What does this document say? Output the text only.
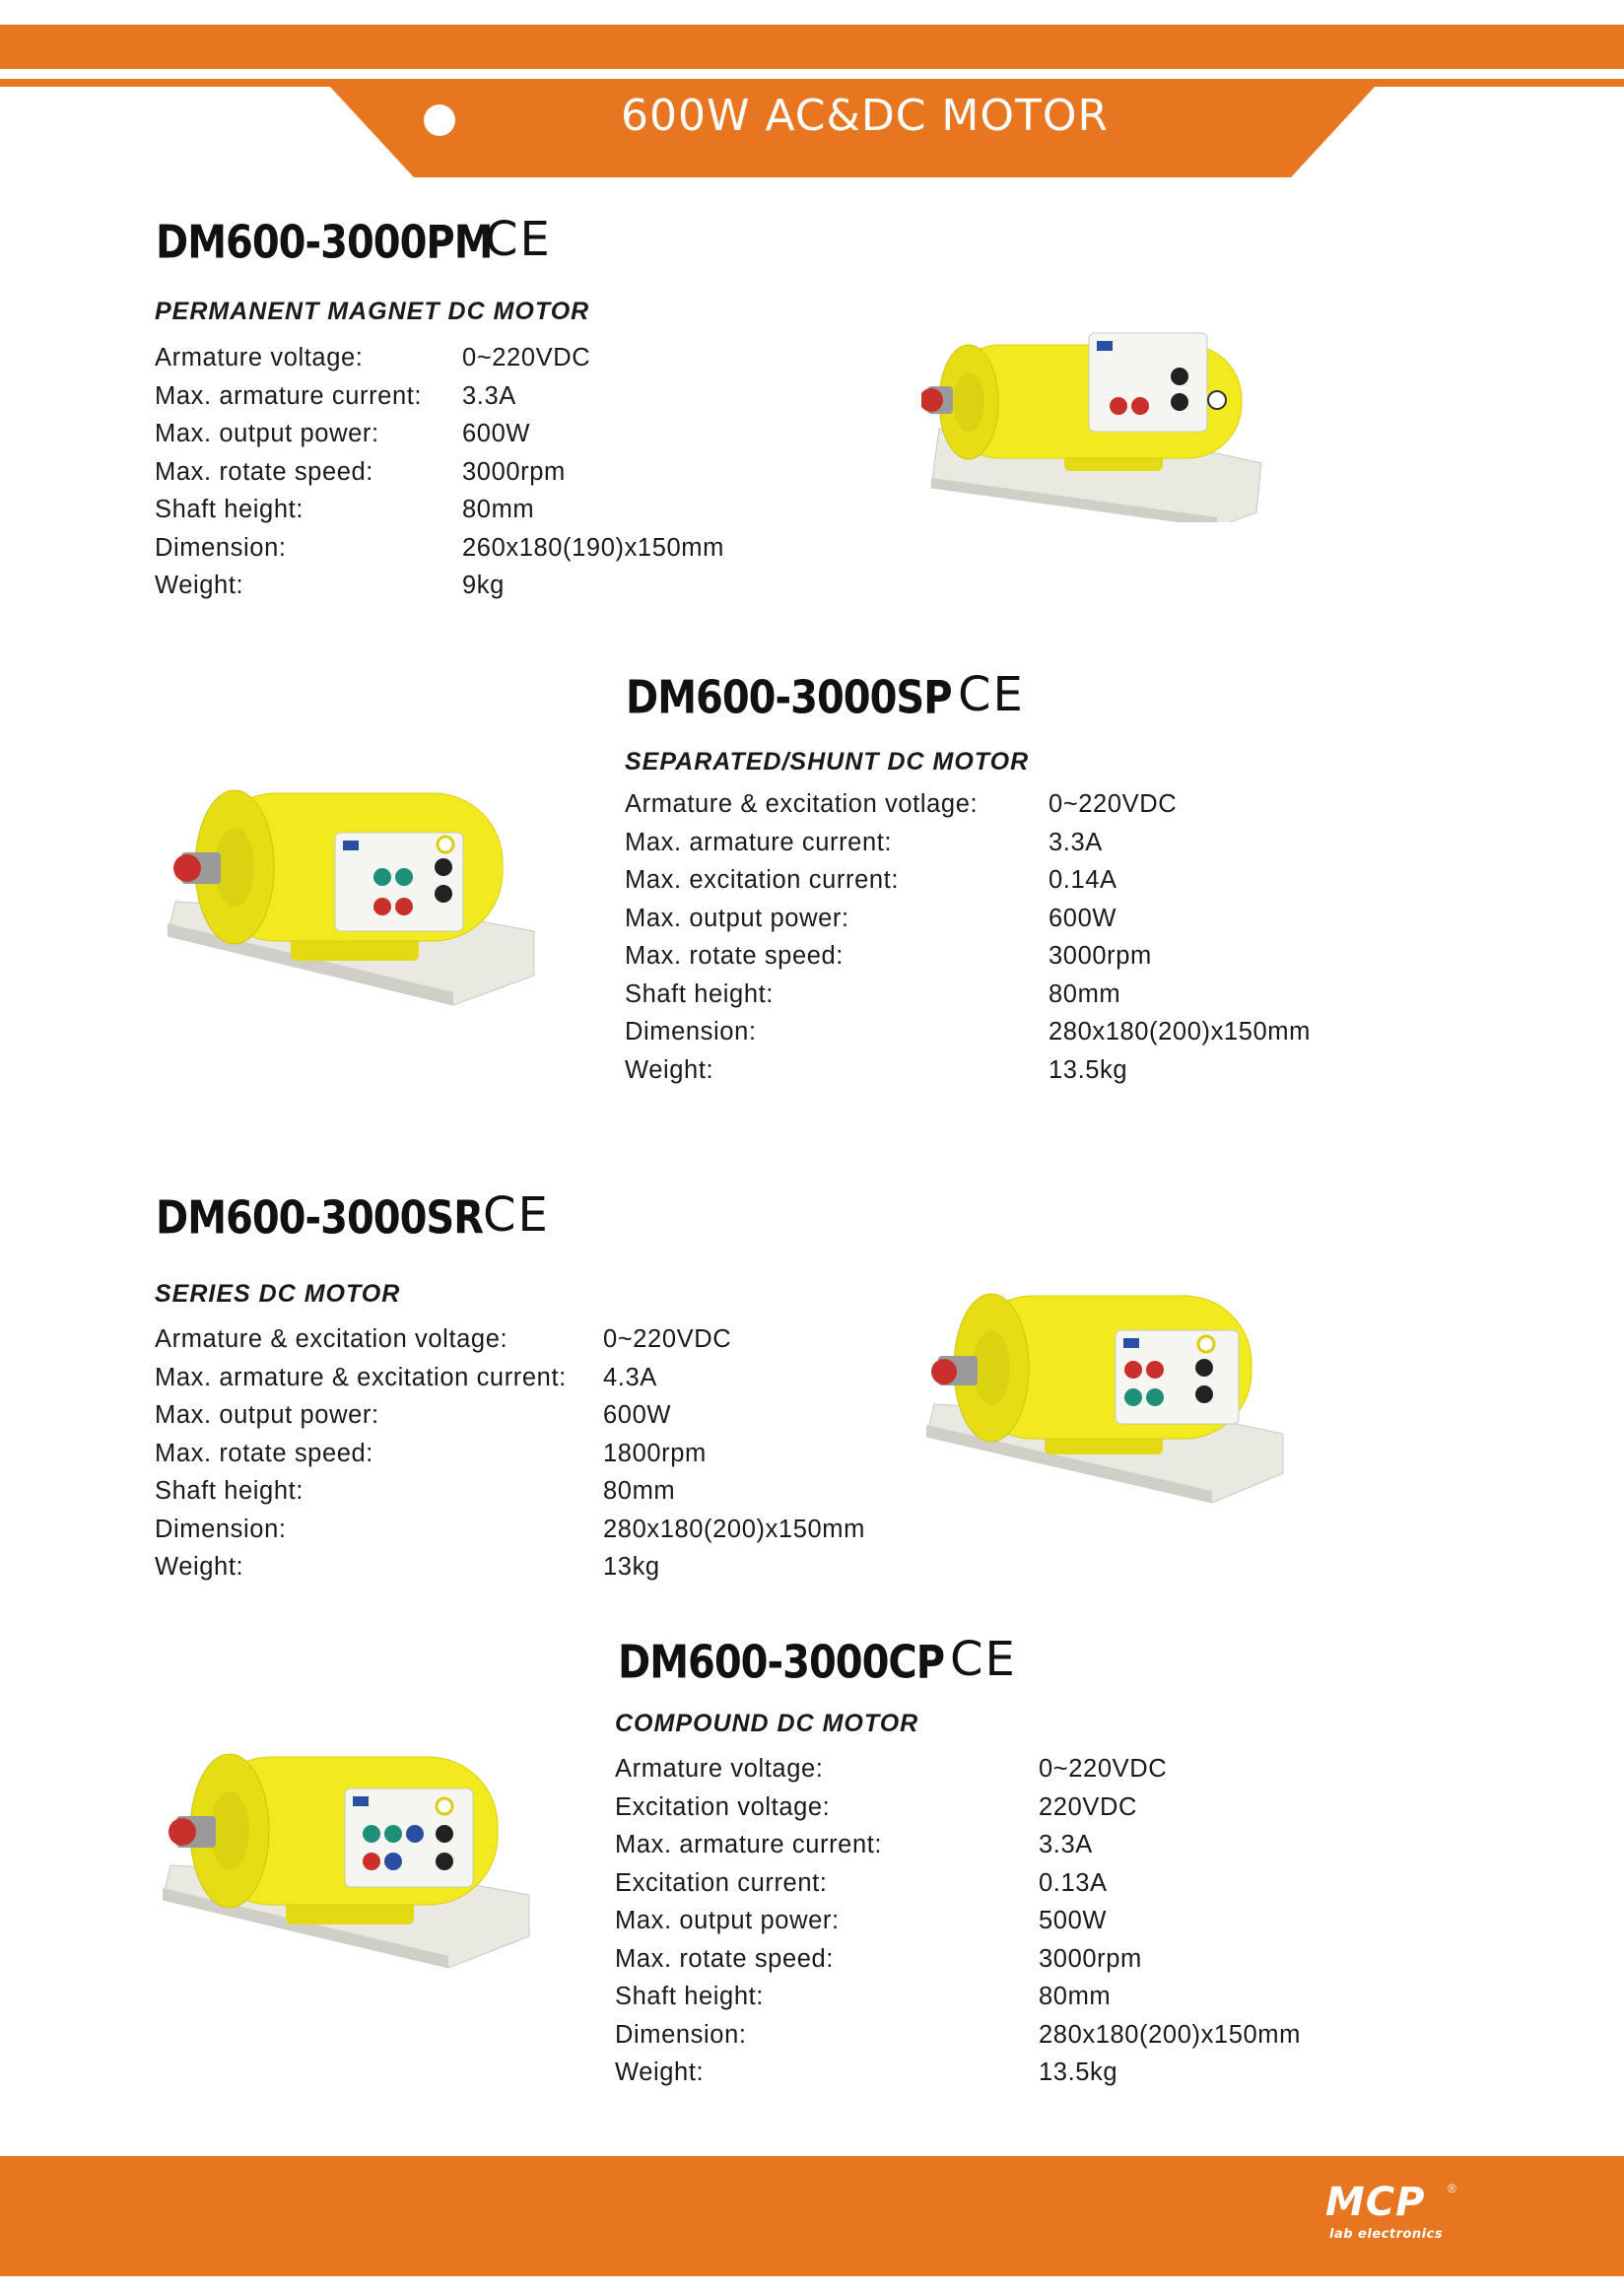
600W AC&DC MOTOR
DM600-3000PM
CE
PERMANENT MAGNET DC MOTOR
Armature voltage:	0~220VDC
Max. armature current: 3.3A
Max. output power:	600W
Max. rotate speed:	3000rpm
Shaft height:	80mm
Dimension:	260x180(190)x150mm
Weight:	9kg
DM600-3000SP CE
SEPARATED/SHUNT DC MOTOR
Armature & excitation votlage:	0~220VDC
Max. armature current:	3.3A
Max. excitation current:	0.14A
Max. output power:	600W
Max. rotate speed:	3000rpm
Shaft height:	80mm
Dimension:	280x180(200)x150mm
Weight:	13.5kg
DM600-3000SR CE
SERIES DC MOTOR
Armature & excitation voltage:	0~220VDC
Max. armature & excitation current: 4.3A
Max. output power:	600W
Max. rotate speed:	1800rpm
Shaft height:	80mm
Dimension:	280x180(200)x150mm
Weight:	13kg
DM600-3000CP CE
COMPOUND DC MOTOR
Armature voltage:	0~220VDC
Excitation voltage:	220VDC
Max. armature current:	3.3A
Excitation current:	0.13A
Max. output power:	500W
Max. rotate speed:	3000rpm
Shaft height:	80mm
Dimension:	280x180(200)x150mm
Weight:	13.5kg
MCP
lab electronics
®
